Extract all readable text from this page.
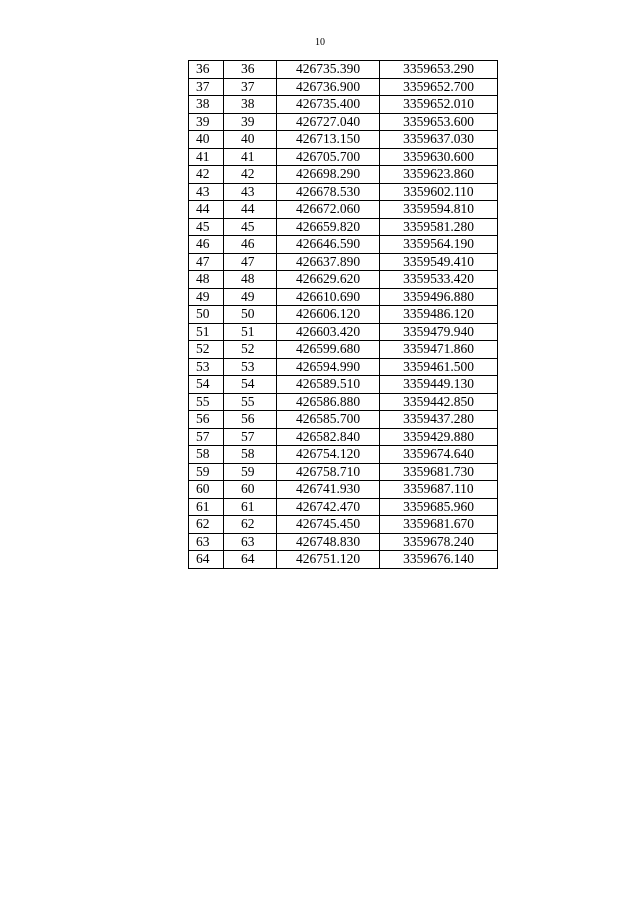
10
36	36	426735.390	3359653.290
37	37	426736.900	3359652.700
38	38	426735.400	3359652.010
39	39	426727.040	3359653.600
40	40	426713.150	3359637.030
41	41	426705.700	3359630.600
42	42	426698.290	3359623.860
43	43	426678.530	3359602.110
44	44	426672.060	3359594.810
45	45	426659.820	3359581.280
46	46	426646.590	3359564.190
47	47	426637.890	3359549.410
48	48	426629.620	3359533.420
49	49	426610.690	3359496.880
50	50	426606.120	3359486.120
51	51	426603.420	3359479.940
52	52	426599.680	3359471.860
53	53	426594.990	3359461.500
54	54	426589.510	3359449.130
55	55	426586.880	3359442.850
56	56	426585.700	3359437.280
57	57	426582.840	3359429.880
58	58	426754.120	3359674.640
59	59	426758.710	3359681.730
60	60	426741.930	3359687.110
61	61	426742.470	3359685.960
62	62	426745.450	3359681.670
63	63	426748.830	3359678.240
64	64	426751.120	3359676.140
